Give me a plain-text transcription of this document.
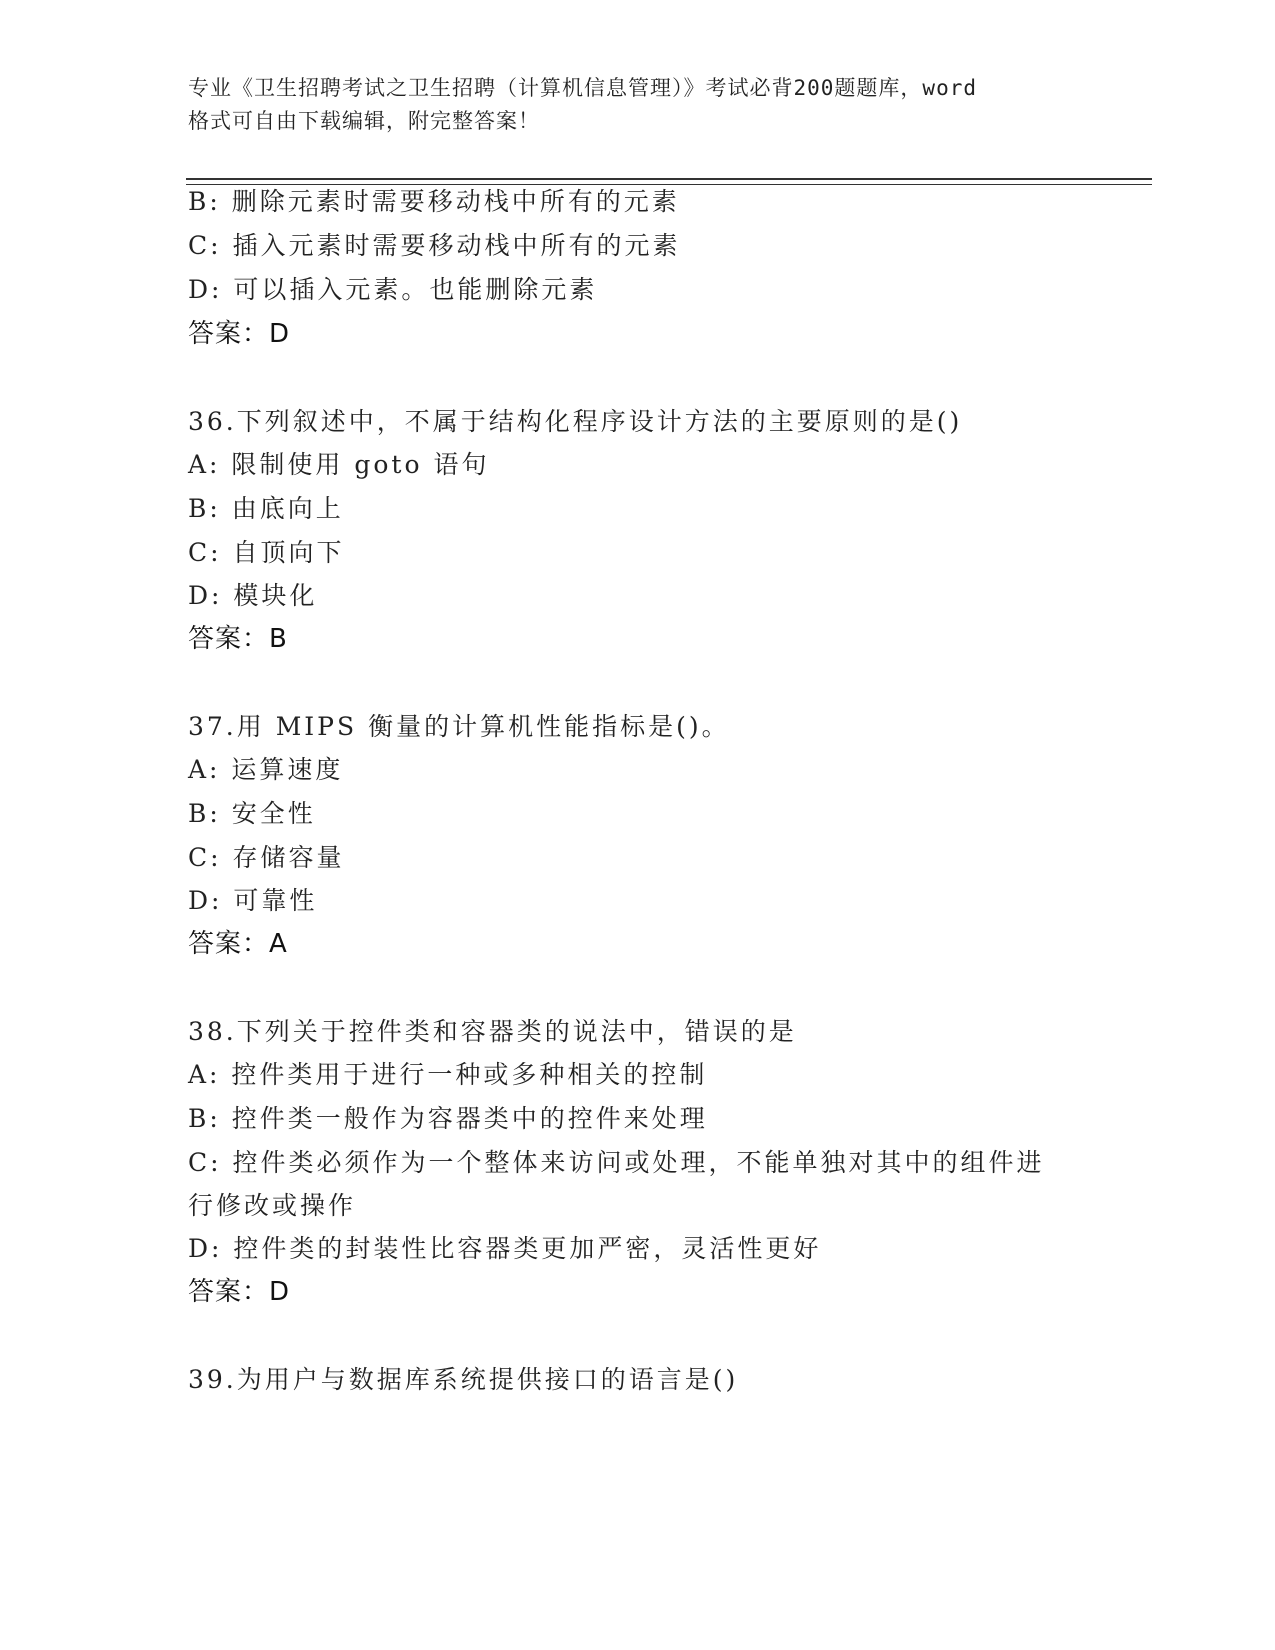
专业《卫生招聘考试之卫生招聘（计算机信息管理）》考试必背200题题库，word
格式可自由下载编辑，附完整答案！
B: 删除元素时需要移动栈中所有的元素
C: 插入元素时需要移动栈中所有的元素
D: 可以插入元素。也能删除元素
答案：D
36.下列叙述中，不属于结构化程序设计方法的主要原则的是()
A: 限制使用 goto 语句
B: 由底向上
C: 自顶向下
D: 模块化
答案：B
37.用 MIPS 衡量的计算机性能指标是()。
A: 运算速度
B: 安全性
C: 存储容量
D: 可靠性
答案：A
38.下列关于控件类和容器类的说法中，错误的是
A: 控件类用于进行一种或多种相关的控制
B: 控件类一般作为容器类中的控件来处理
C: 控件类必须作为一个整体来访问或处理，不能单独对其中的组件进
行修改或操作
D: 控件类的封装性比容器类更加严密，灵活性更好
答案：D
39.为用户与数据库系统提供接口的语言是()
